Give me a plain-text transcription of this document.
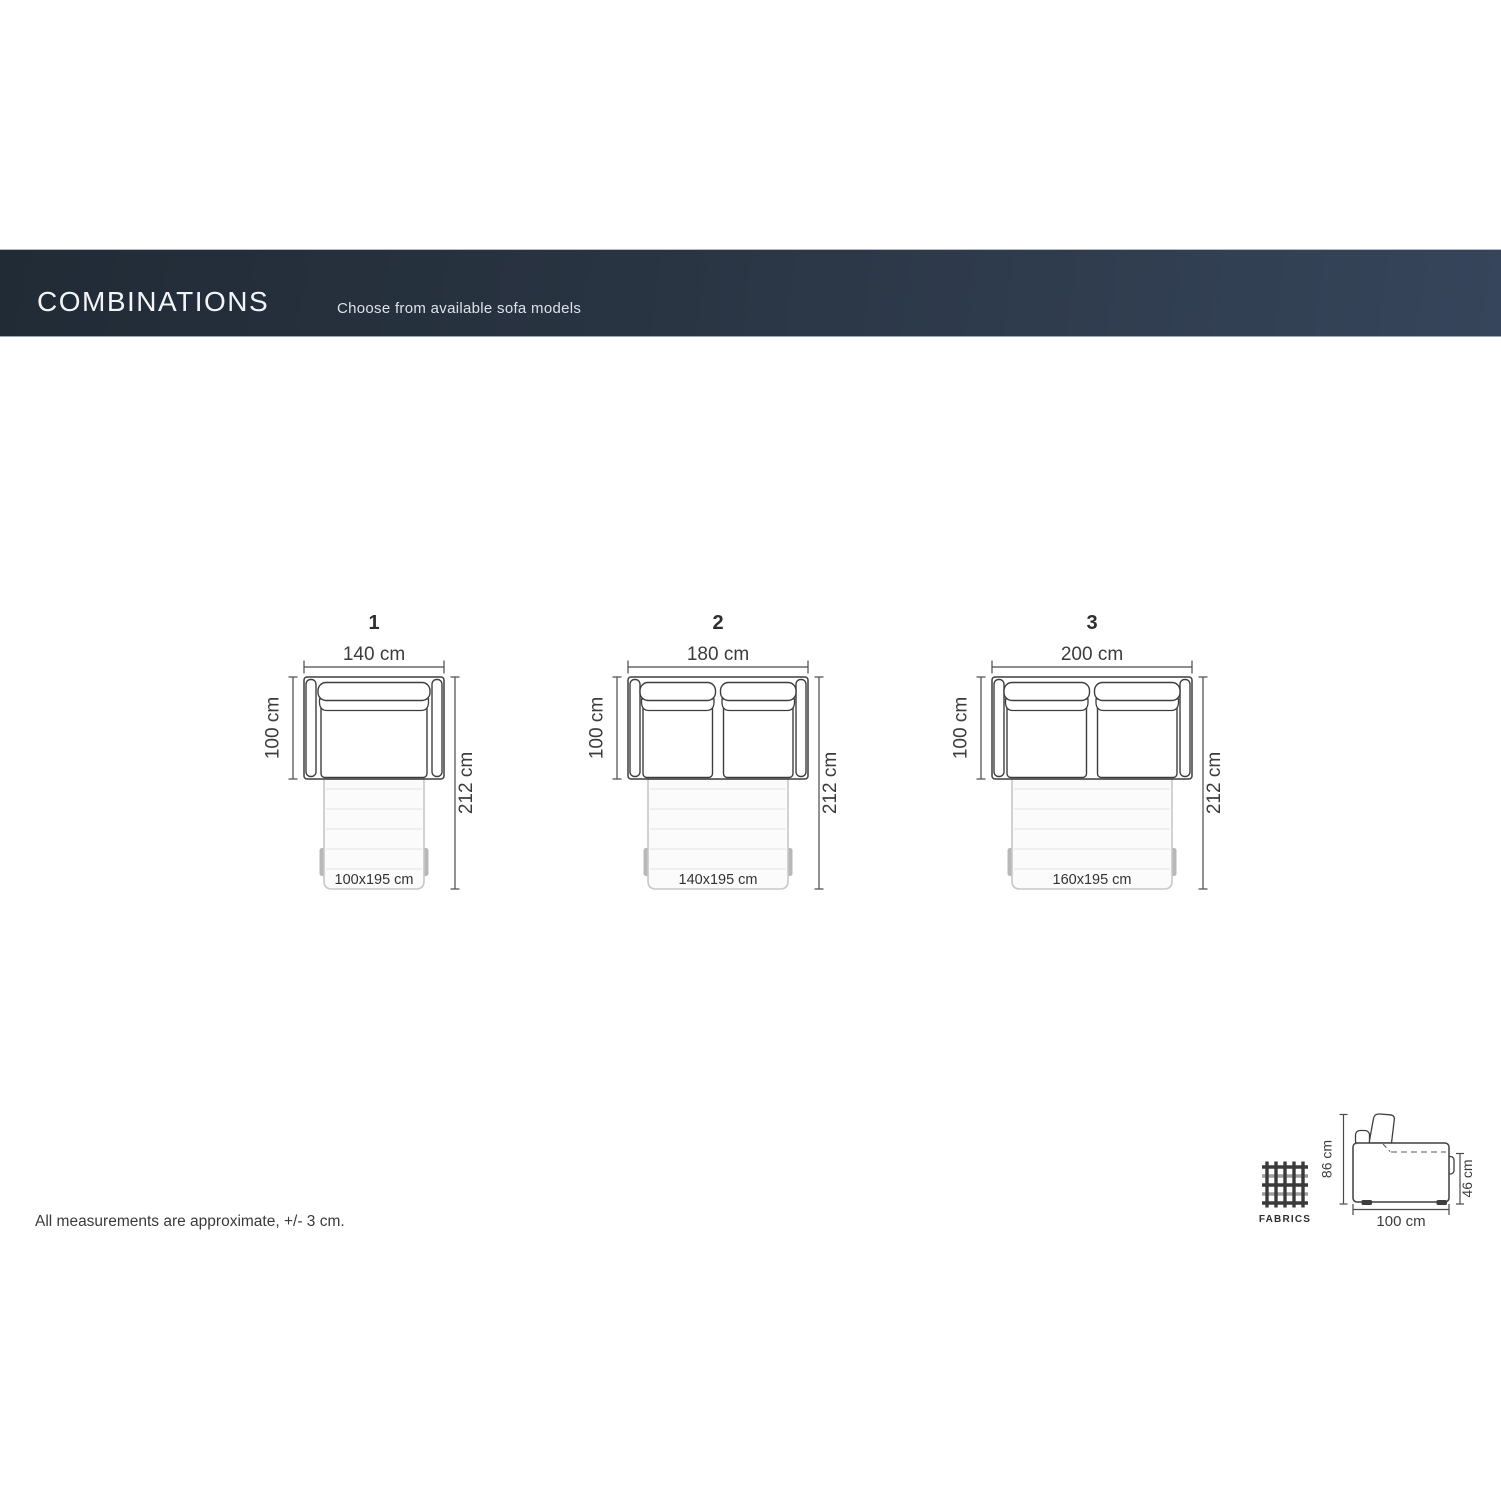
COMBINATIONS	Choose from available sofa models
1
140 cm
100x195 cm
100 cm
212 cm
2
180 cm
140x195 cm
100 cm
212 cm
3
200 cm
160x195 cm
100 cm
212 cm
86 cm
46 cm
100 cm
FABRICS
All measurements are approximate, +/- 3 cm.
